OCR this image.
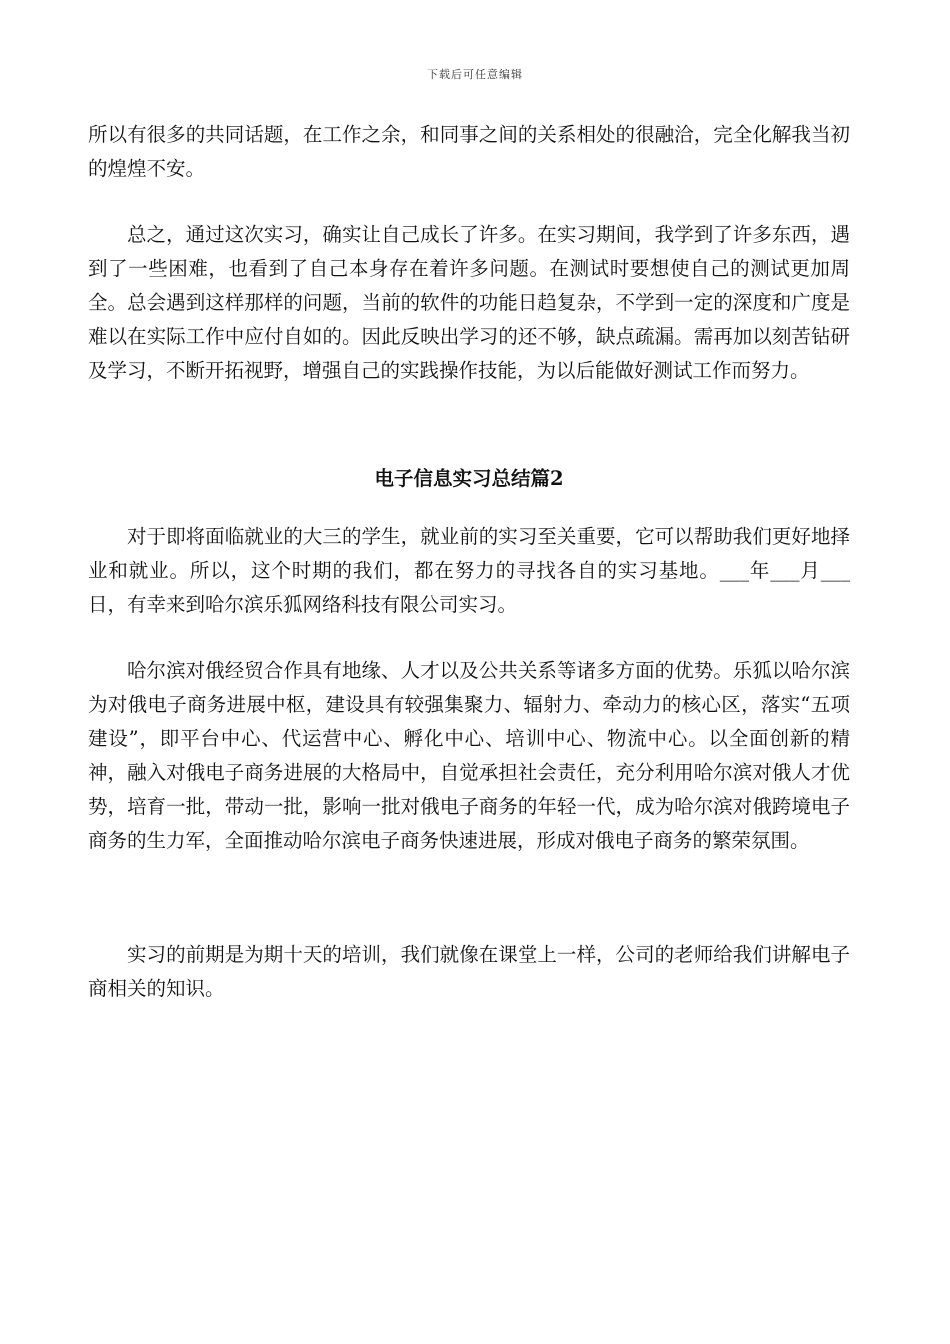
下载后可任意编辑

所以有很多的共同话题，在工作之余，和同事之间的关系相处的很融洽，完全化解我当初的煌煌不安。

总之，通过这次实习，确实让自己成长了许多。在实习期间，我学到了许多东西，遇到了一些困难，也看到了自己本身存在着许多问题。在测试时要想使自己的测试更加周全。总会遇到这样那样的问题，当前的软件的功能日趋复杂，不学到一定的深度和广度是难以在实际工作中应付自如的。因此反映出学习的还不够，缺点疏漏。需再加以刻苦钻研及学习，不断开拓视野，增强自己的实践操作技能，为以后能做好测试工作而努力。

电子信息实习总结篇2

对于即将面临就业的大三的学生，就业前的实习至关重要，它可以帮助我们更好地择业和就业。所以，这个时期的我们，都在努力的寻找各自的实习基地。___年___月___日，有幸来到哈尔滨乐狐网络科技有限公司实习。

哈尔滨对俄经贸合作具有地缘、人才以及公共关系等诸多方面的优势。乐狐以哈尔滨为对俄电子商务进展中枢，建设具有较强集聚力、辐射力、牵动力的核心区，落实“五项建设”，即平台中心、代运营中心、孵化中心、培训中心、物流中心。以全面创新的精神，融入对俄电子商务进展的大格局中，自觉承担社会责任，充分利用哈尔滨对俄人才优势，培育一批，带动一批，影响一批对俄电子商务的年轻一代，成为哈尔滨对俄跨境电子商务的生力军，全面推动哈尔滨电子商务快速进展，形成对俄电子商务的繁荣氛围。

实习的前期是为期十天的培训，我们就像在课堂上一样，公司的老师给我们讲解电子商相关的知识。
